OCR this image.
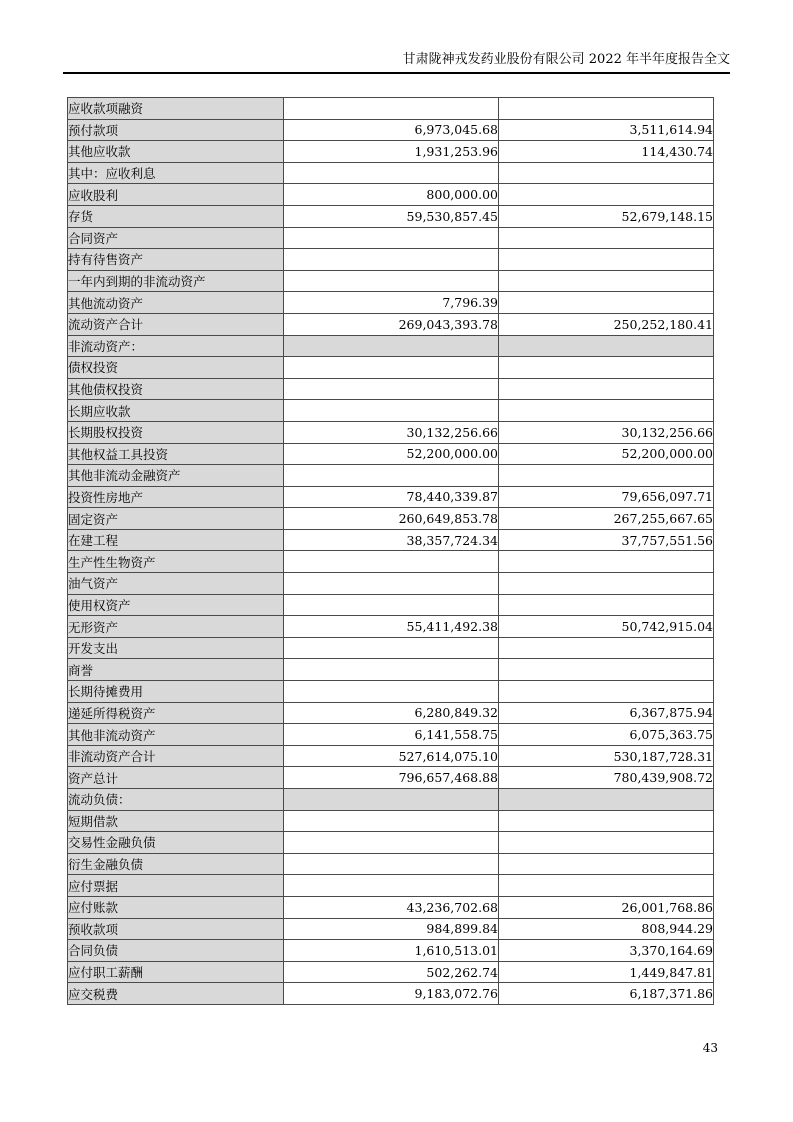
甘肃陇神戎发药业股份有限公司 2022 年半年度报告全文
应收款项融资		
预付款项	6,973,045.68	3,511,614.94
其他应收款	1,931,253.96	114,430.74
其中：应收利息		
应收股利	800,000.00	
存货	59,530,857.45	52,679,148.15
合同资产		
持有待售资产		
一年内到期的非流动资产		
其他流动资产	7,796.39	
流动资产合计	269,043,393.78	250,252,180.41
非流动资产：		
债权投资		
其他债权投资		
长期应收款		
长期股权投资	30,132,256.66	30,132,256.66
其他权益工具投资	52,200,000.00	52,200,000.00
其他非流动金融资产		
投资性房地产	78,440,339.87	79,656,097.71
固定资产	260,649,853.78	267,255,667.65
在建工程	38,357,724.34	37,757,551.56
生产性生物资产		
油气资产		
使用权资产		
无形资产	55,411,492.38	50,742,915.04
开发支出		
商誉		
长期待摊费用		
递延所得税资产	6,280,849.32	6,367,875.94
其他非流动资产	6,141,558.75	6,075,363.75
非流动资产合计	527,614,075.10	530,187,728.31
资产总计	796,657,468.88	780,439,908.72
流动负债：		
短期借款		
交易性金融负债		
衍生金融负债		
应付票据		
应付账款	43,236,702.68	26,001,768.86
预收款项	984,899.84	808,944.29
合同负债	1,610,513.01	3,370,164.69
应付职工薪酬	502,262.74	1,449,847.81
应交税费	9,183,072.76	6,187,371.86
43
